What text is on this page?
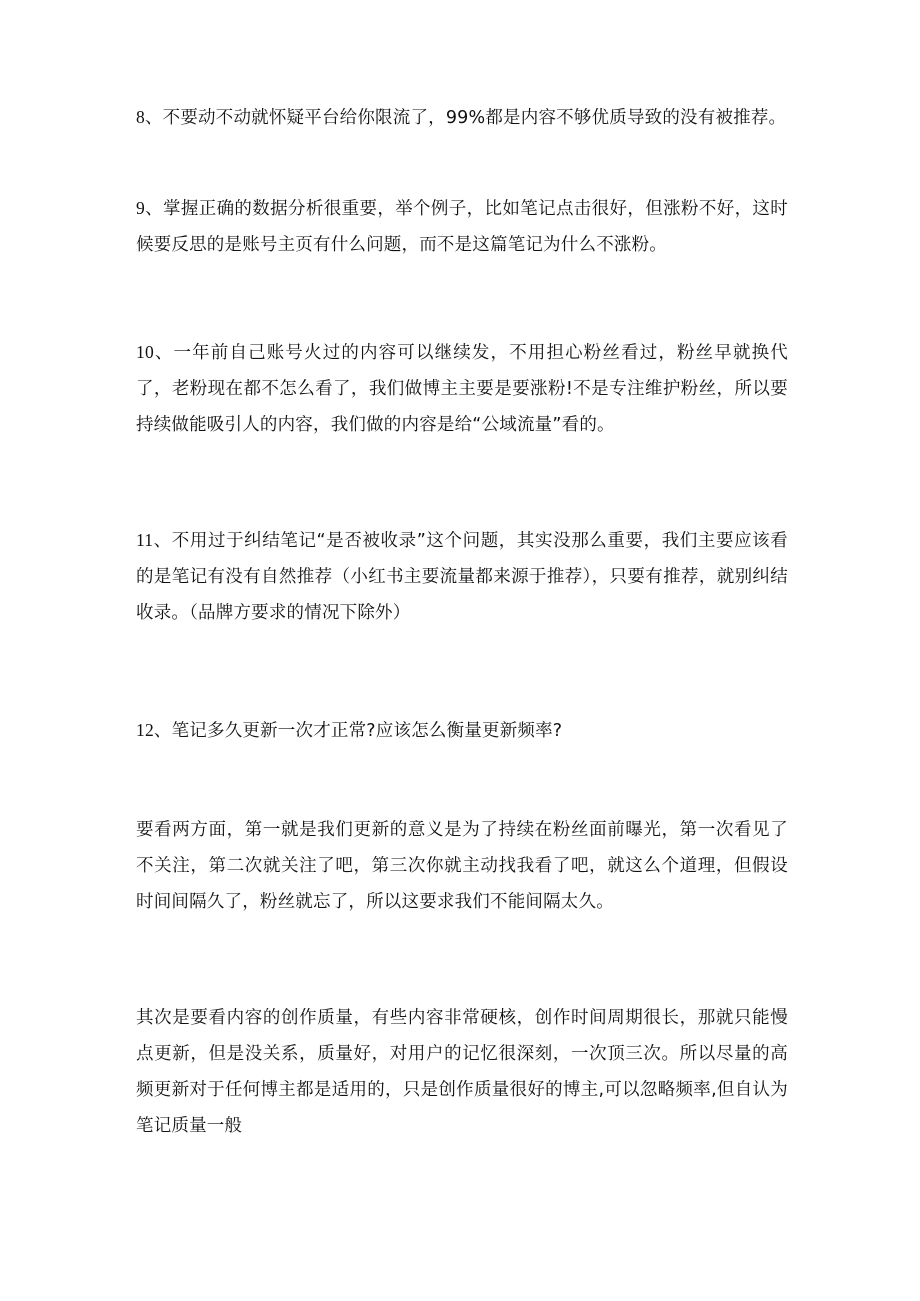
8、不要动不动就怀疑平台给你限流了，99%都是内容不够优质导致的没有被推荐。

9、掌握正确的数据分析很重要，举个例子，比如笔记点击很好，但涨粉不好，这时候要反思的是账号主页有什么问题，而不是这篇笔记为什么不涨粉。

10、一年前自己账号火过的内容可以继续发，不用担心粉丝看过，粉丝早就换代了，老粉现在都不怎么看了，我们做博主主要是要涨粉!不是专注维护粉丝，所以要持续做能吸引人的内容，我们做的内容是给“公域流量”看的。

11、不用过于纠结笔记“是否被收录”这个问题，其实没那么重要，我们主要应该看的是笔记有没有自然推荐（小红书主要流量都来源于推荐），只要有推荐，就别纠结收录。（品牌方要求的情况下除外）

12、笔记多久更新一次才正常?应该怎么衡量更新频率?

要看两方面，第一就是我们更新的意义是为了持续在粉丝面前曝光，第一次看见了不关注，第二次就关注了吧，第三次你就主动找我看了吧，就这么个道理，但假设时间间隔久了，粉丝就忘了，所以这要求我们不能间隔太久。

其次是要看内容的创作质量，有些内容非常硬核，创作时间周期很长，那就只能慢点更新，但是没关系，质量好，对用户的记忆很深刻，一次顶三次。所以尽量的高频更新对于任何博主都是适用的，只是创作质量很好的博主,可以忽略频率,但自认为笔记质量一般
